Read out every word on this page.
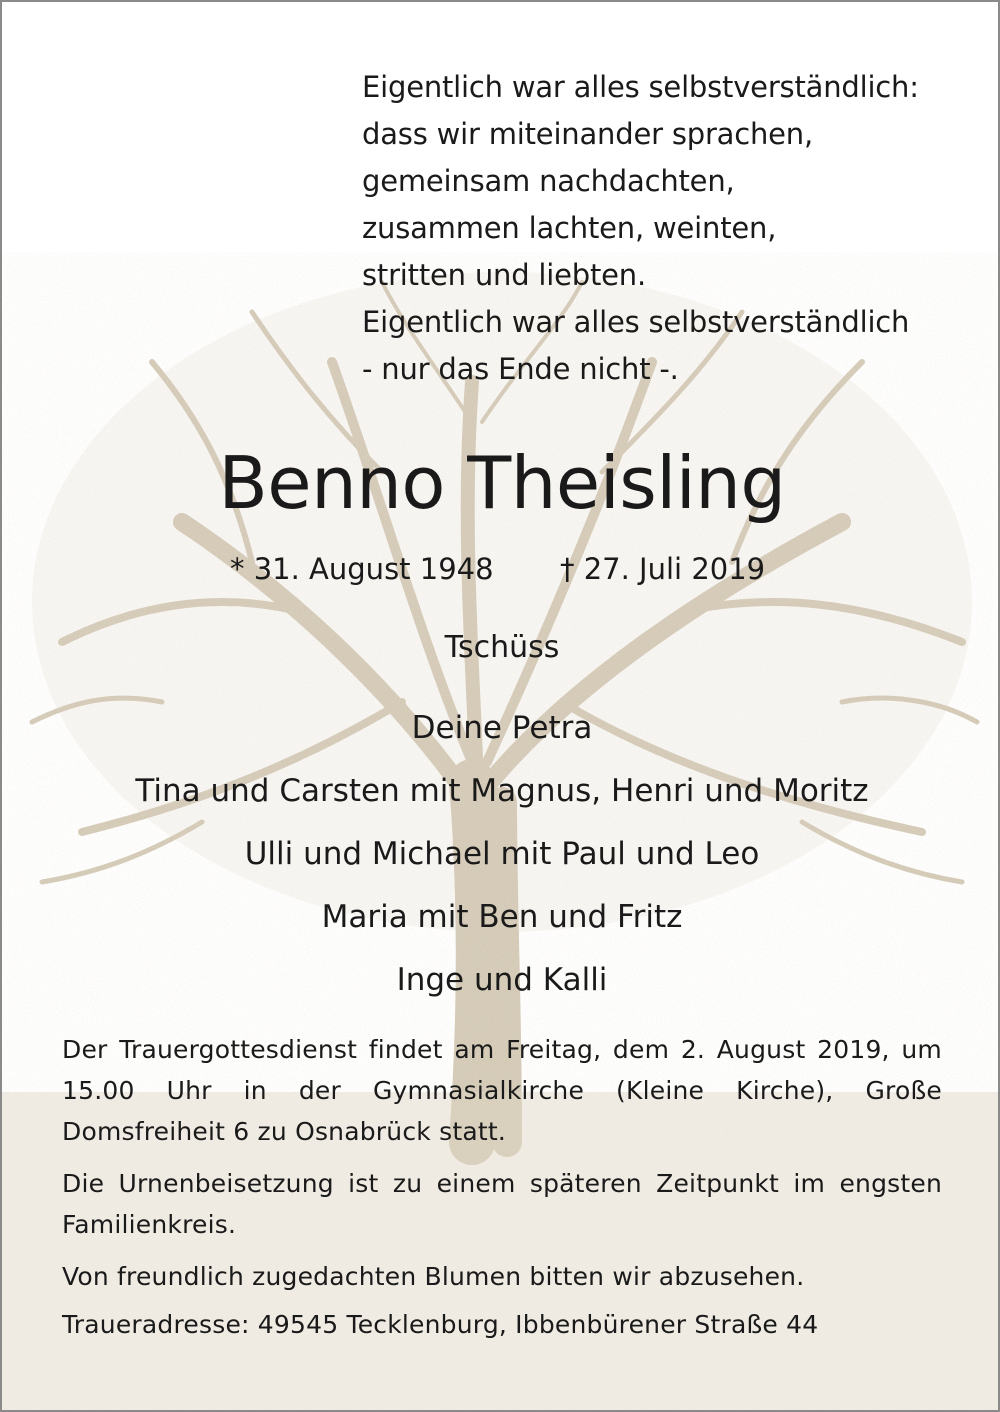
Eigentlich war alles selbstverständlich:
dass wir miteinander sprachen,
gemeinsam nachdachten,
zusammen lachten, weinten,
stritten und liebten.
Eigentlich war alles selbstverständlich
- nur das Ende nicht -.
Benno Theisling
* 31. August 1948 † 27. Juli 2019
Tschüss
Deine Petra
Tina und Carsten mit Magnus, Henri und Moritz
Ulli und Michael mit Paul und Leo
Maria mit Ben und Fritz
Inge und Kalli

Der Trauergottesdienst findet am Freitag, dem 2. August 2019, um 15.00 Uhr in der Gymnasialkirche (Kleine Kirche), Große Domsfreiheit 6 zu Osnabrück statt.

Die Urnenbeisetzung ist zu einem späteren Zeitpunkt im engsten Familienkreis.

Von freundlich zugedachten Blumen bitten wir abzusehen.

Traueradresse: 49545 Tecklenburg, Ibbenbürener Straße 44
